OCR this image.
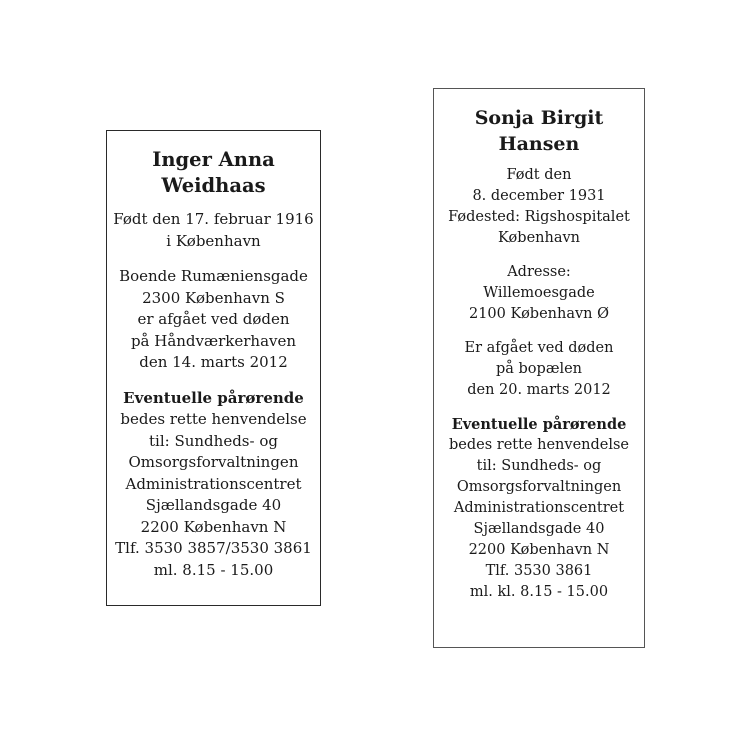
Inger Anna
Weidhaas
Født den 17. februar 1916
i København
Boende Rumæniensgade
2300 København S
er afgået ved døden
på Håndværkerhaven
den 14. marts 2012
Eventuelle pårørende
bedes rette henvendelse
til: Sundheds- og
Omsorgsforvaltningen
Administrationscentret
Sjællandsgade 40
2200 København N
Tlf. 3530 3857/3530 3861
ml. 8.15 - 15.00
Sonja Birgit
Hansen
Født den
8. december 1931
Fødested: Rigshospitalet
København
Adresse:
Willemoesgade
2100 København Ø
Er afgået ved døden
på bopælen
den 20. marts 2012
Eventuelle pårørende
bedes rette henvendelse
til: Sundheds- og
Omsorgsforvaltningen
Administrationscentret
Sjællandsgade 40
2200 København N
Tlf. 3530 3861
ml. kl. 8.15 - 15.00
